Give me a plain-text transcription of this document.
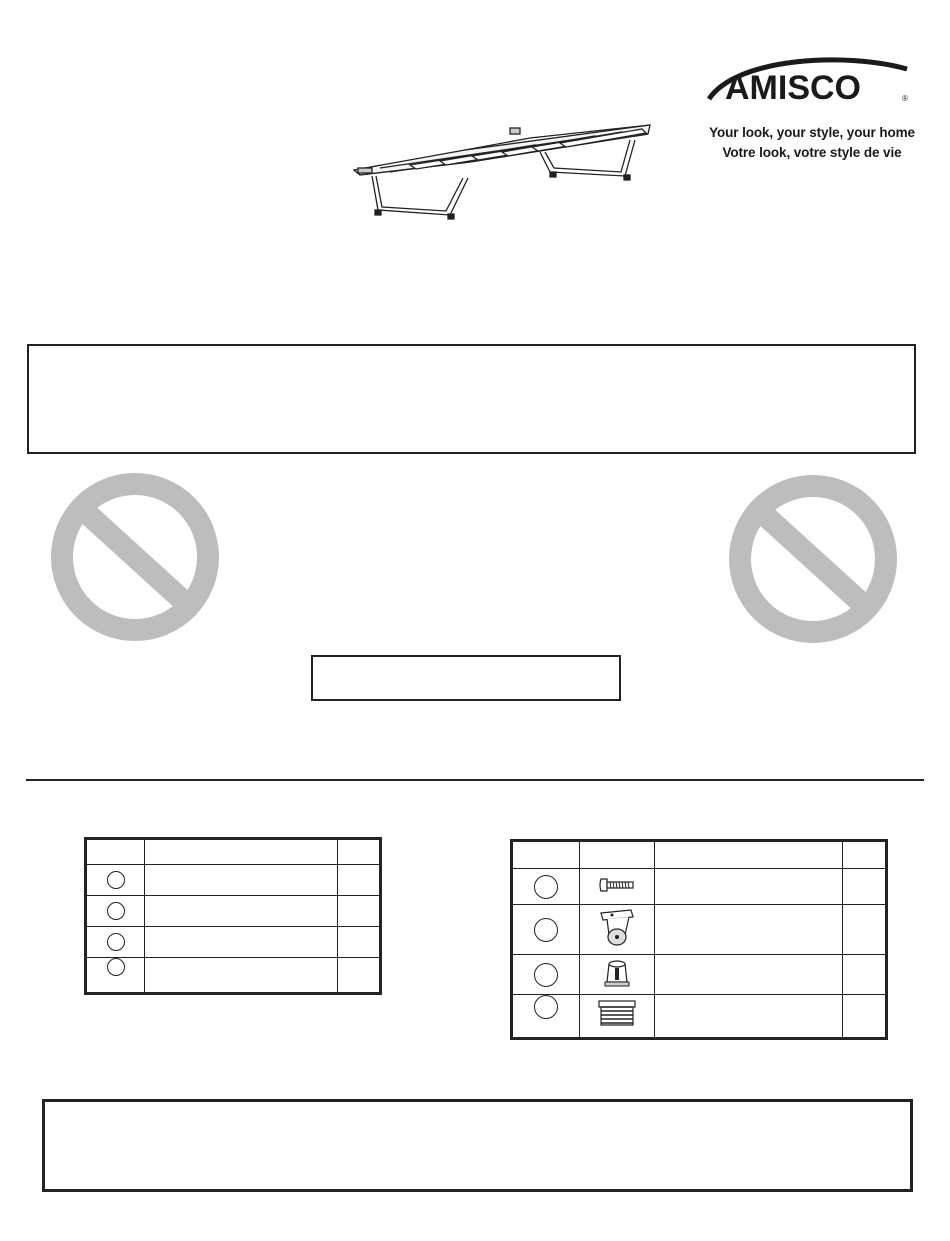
AMISCO	®
Your look, your style, your home
Votre look, votre style de vie
